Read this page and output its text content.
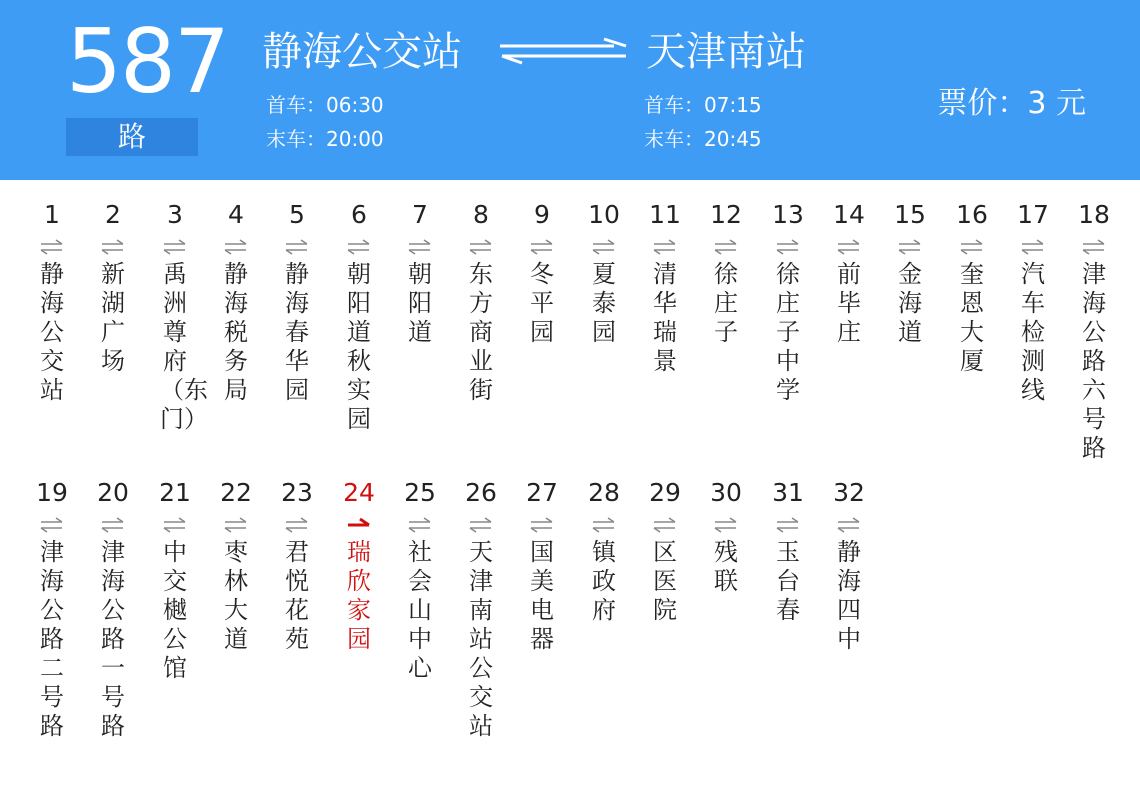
587
路
静海公交站	天津南站
首车：06:30
末车：20:00
首车：07:15
末车：20:45
票价：3 元
1
静海公交站
2
新湖广场
3
禹洲尊府（东门）
4
静海税务局
5
静海春华园
6
朝阳道秋实园
7
朝阳道
8
东方商业街
9
冬平园
10
夏泰园
11
清华瑞景
12
徐庄子
13
徐庄子中学
14
前毕庄
15
金海道
16
奎恩大厦
17
汽车检测线
18
津海公路六号路
19
津海公路二号路
20
津海公路一号路
21
中交樾公馆
22
枣林大道
23
君悦花苑
24
瑞欣家园
25
社会山中心
26
天津南站公交站
27
国美电器
28
镇政府
29
区医院
30
残联
31
玉台春
32
静海四中
